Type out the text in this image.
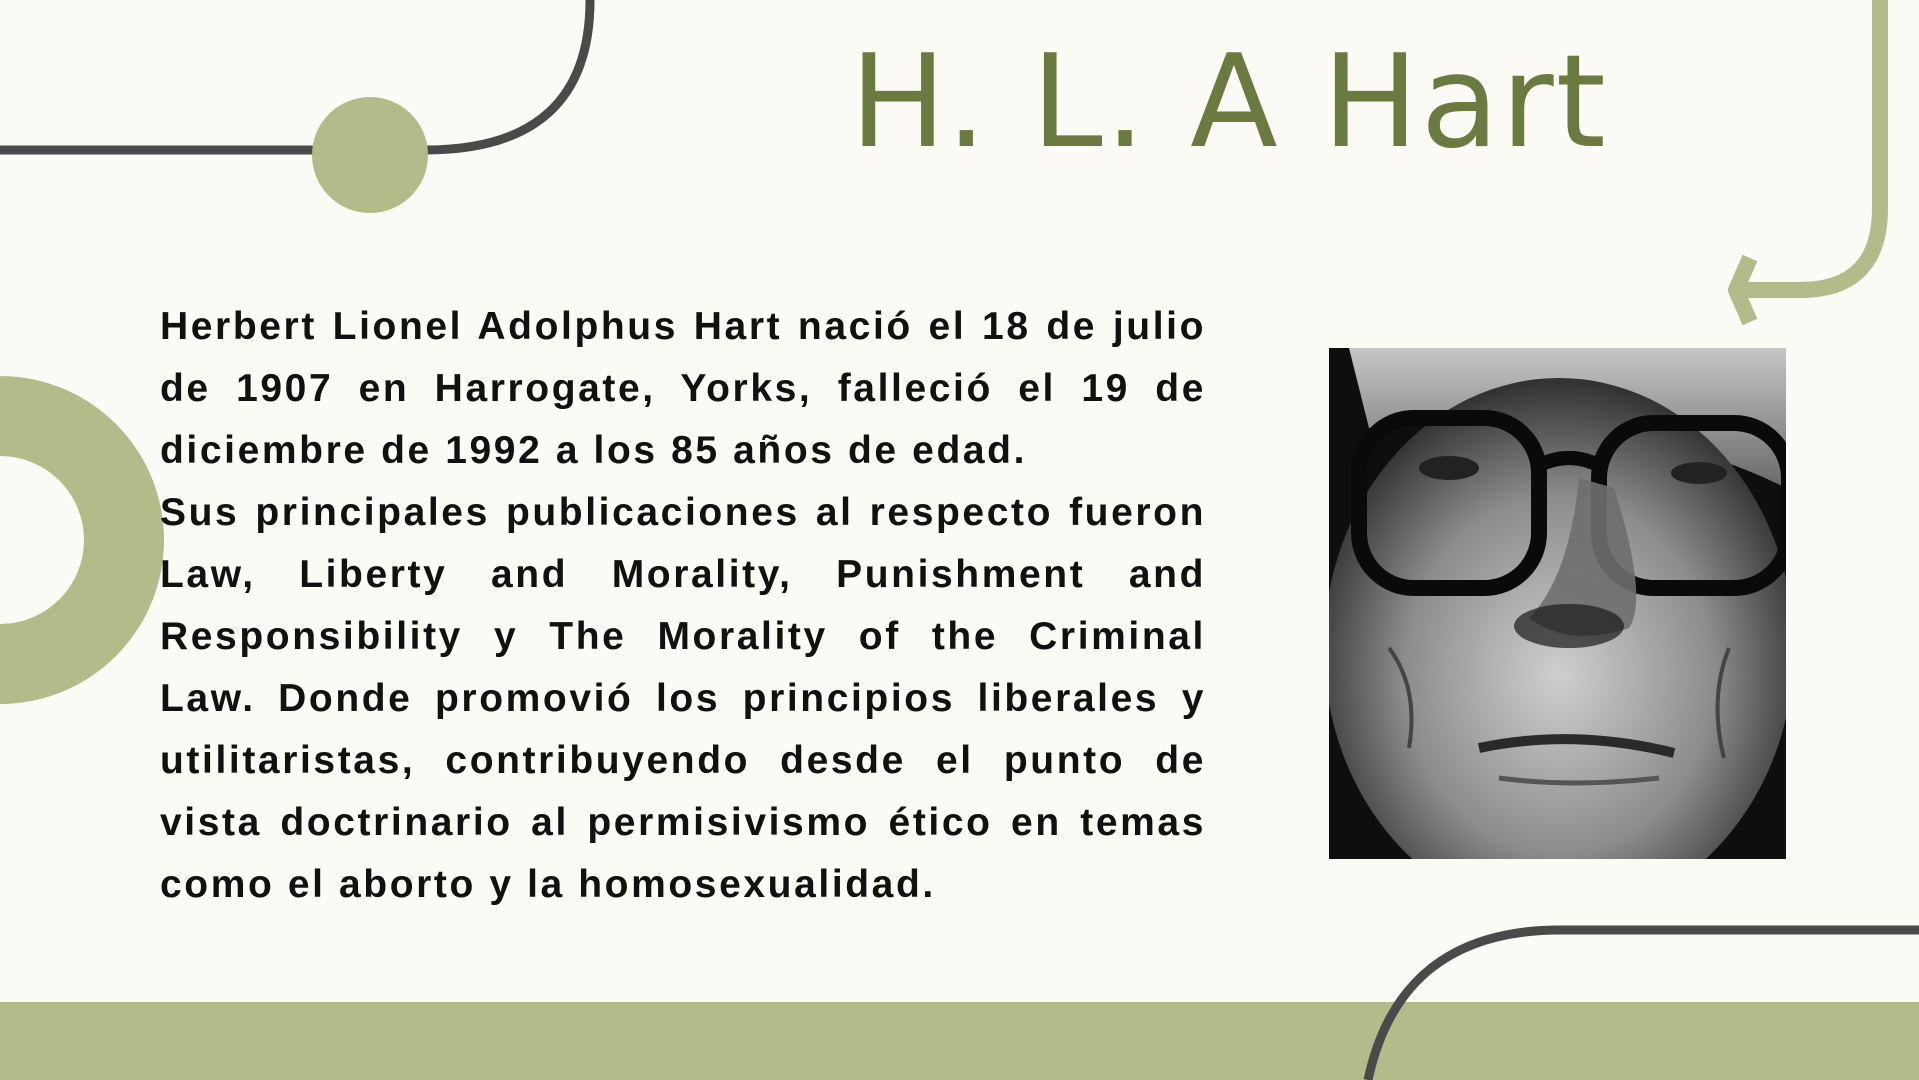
H. L. A Hart

Herbert Lionel Adolphus Hart nació el 18 de julio de 1907 en Harrogate, Yorks, falleció el 19 de diciembre de 1992 a los 85 años de edad.

Sus principales publicaciones al respecto fueron Law, Liberty and Morality, Punishment and Responsibility y The Morality of the Criminal Law. Donde promovió los principios liberales y utilitaristas, contribuyendo desde el punto de vista doctrinario al permisivismo ético en temas como el aborto y la homosexualidad.
